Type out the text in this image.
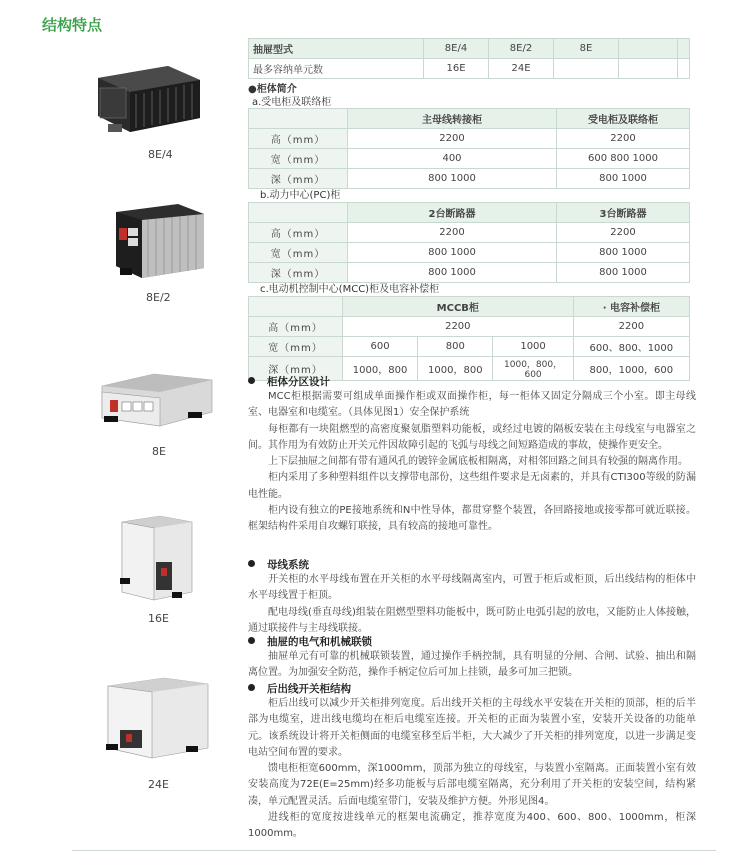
结构特点
8E/4
8E/2
8E
16E
24E
抽屉型式	8E/4	8E/2	8E		
最多容纳单元数	16E	24E			
●柜体简介
a.受电柜及联络柜
	主母线转接柜	受电柜及联络柜
高（mm）	2200	2200
宽（mm）	400	600 800 1000
深（mm）	800 1000	800 1000
b.动力中心(PC)柜
	2台断路器	3台断路器
高（mm）	2200	2200
宽（mm）	800 1000	800 1000
深（mm）	800 1000	800 1000
c.电动机控制中心(MCC)柜及电容补偿柜
	MCCB柜			· 电容补偿柜
高（mm）	2200			2200
宽（mm）	600	800	1000	600、800、1000
深（mm）	1000，800	1000，800	1000，800，600	800，1000，600
柜体分区设计

MCC柜根据需要可组成单面操作柜或双面操作柜，每一柜体又固定分隔成三个小室。即主母线室、电器室和电缆室。（具体见图1）安全保护系统

每柜都有一块阻燃型的高密度聚氨脂塑料功能板，或经过电镀的隔板安装在主母线室与电器室之间。其作用为有效防止开关元件因故障引起的飞弧与母线之间短路造成的事故，使操作更安全。

上下层抽屉之间都有带有通风孔的镀锌金属底板相隔离，对相邻回路之间具有较强的隔离作用。

柜内采用了多种塑料组件以支撑带电部份，这些组件要求是无卤素的，并具有CTI300等级的防漏电性能。

柜内设有独立的PE接地系统和N中性导体，都贯穿整个装置，各回路接地或接零都可就近联接。框架结构件采用自攻螺钉联接，具有较高的接地可靠性。

母线系统

开关柜的水平母线布置在开关柜的水平母线隔离室内，可置于柜后或柜顶，后出线结构的柜体中水平母线置于柜顶。

配电母线(垂直母线)组装在阻燃型塑料功能板中，既可防止电弧引起的放电，又能防止人体接触，通过联接件与主母线联接。

抽屉的电气和机械联锁

抽屉单元有可靠的机械联锁装置，通过操作手柄控制，具有明显的分闸、合闸、试验、抽出和隔离位置。为加强安全防范，操作手柄定位后可加上挂锁，最多可加三把锁。

后出线开关柜结构

柜后出线可以减少开关柜排列宽度。后出线开关柜的主母线水平安装在开关柜的顶部，柜的后半部为电缆室，进出线电缆均在柜后电缆室连接。开关柜的正面为装置小室，安装开关设备的功能单元。该系统设计将开关柜侧面的电缆室移至后半柜，大大减少了开关柜的排列宽度，以进一步满足变电站空间布置的要求。

馈电柜柜宽600mm，深1000mm，顶部为独立的母线室，与装置小室隔离。正面装置小室有效安装高度为72E(E=25mm)经多功能板与后部电缆室隔离，充分利用了开关柜的安装空间，结构紧凑，单元配置灵活。后面电缆室带门，安装及维护方便。外形见图4。

进线柜的宽度按进线单元的框架电流确定，推荐宽度为400、600、800、1000mm，柜深1000mm。
